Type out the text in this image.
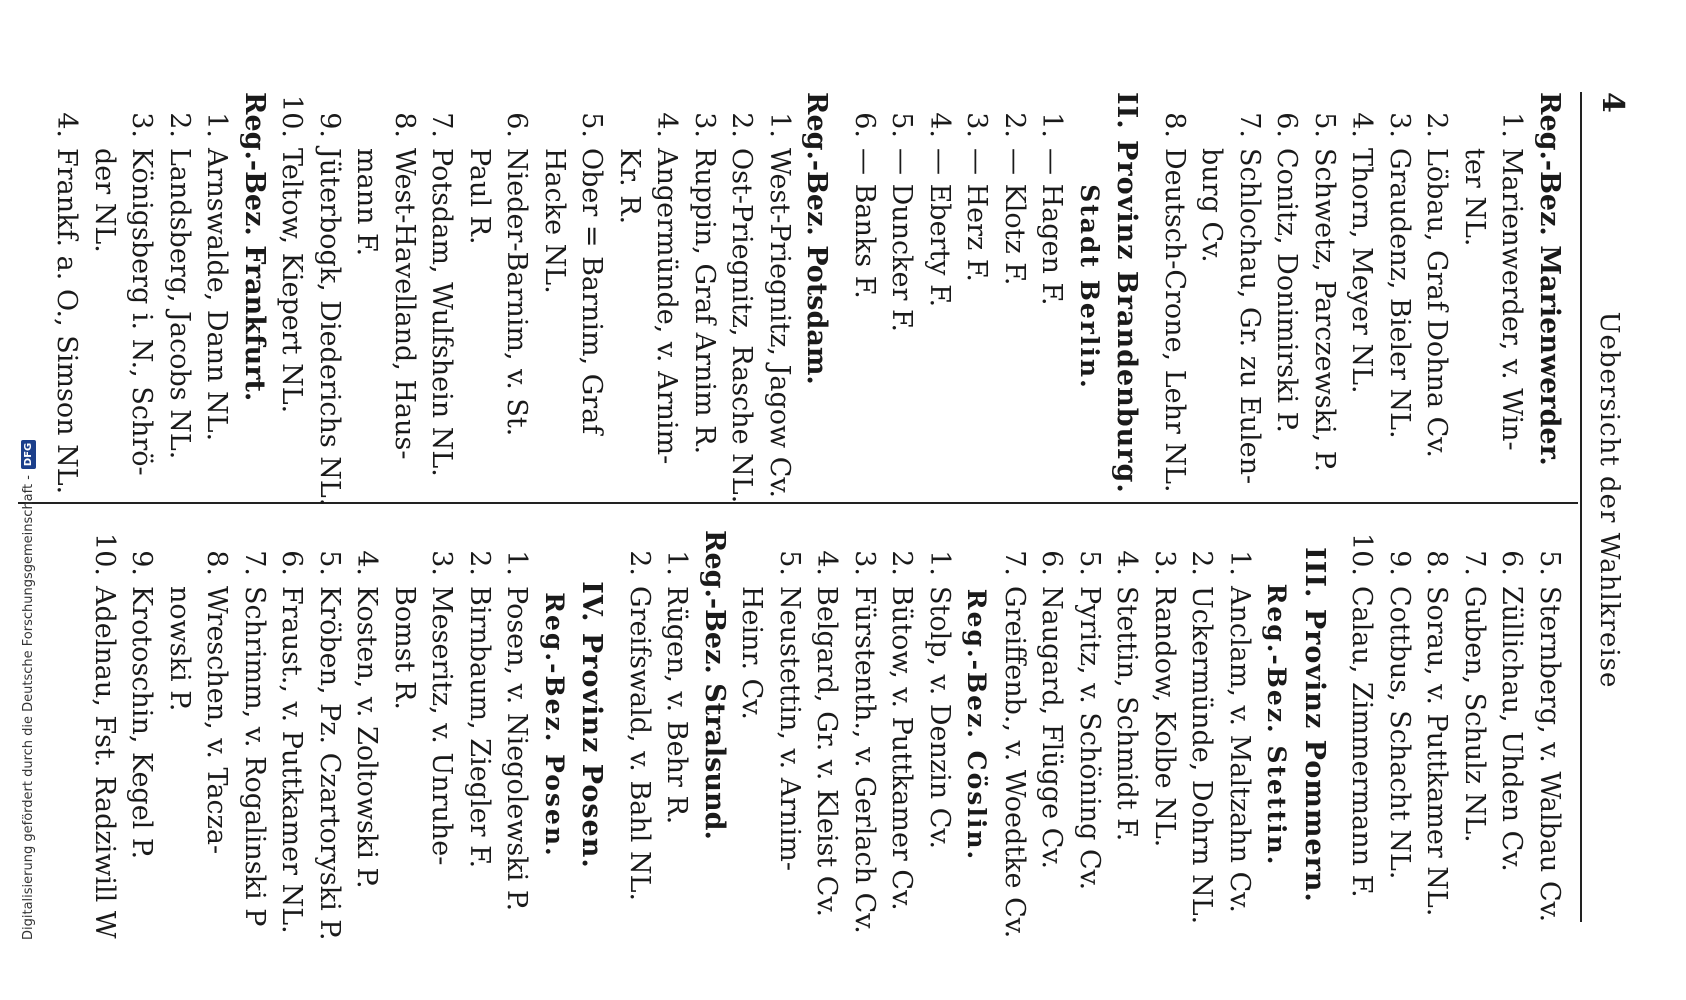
4
Uebersicht der Wahlkreise
Reg.-Bez. Marienwerder.
1.
Marienwerder, v. Win-
ter NL.
2.
Löbau, Graf Dohna Cv.
3.
Graudenz, Bieler NL.
4.
Thorn, Meyer NL.
5.
Schwetz, Parczewski, P.
6.
Conitz, Donimirski P.
7.
Schlochau, Gr. zu Eulen-
burg Cv.
8.
Deutsch-Crone, Lehr NL.
II. Provinz Brandenburg.
Stadt Berlin.
1.
— Hagen F.
2.
— Klotz F.
3.
— Herz F.
4.
— Eberty F.
5.
— Duncker F.
6.
— Banks F.
Reg.-Bez. Potsdam.
1.
West-Priegnitz, Jagow Cv.
2.
Ost-Priegnitz, Rasche NL.
3.
Ruppin, Graf Arnim R.
4.
Angermünde, v. Arnim-
Kr. R.
5.
Ober = Barnim, Graf
Hacke NL.
6.
Nieder-Barnim, v. St.
Paul R.
7.
Potsdam, Wulfshein NL.
8.
West-Havelland, Haus-
mann F.
9.
Jüterbogk, Diederichs NL.
10.
Teltow, Kiepert NL.
Reg.-Bez. Frankfurt.
1.
Arnswalde, Dann NL.
2.
Landsberg, Jacobs NL.
3.
Königsberg i. N., Schrö-
der NL.
4.
Frankf. a. O., Simson NL.
5.
Sternberg, v. Walbau Cv.
6.
Züllichau, Uhden Cv.
7.
Guben, Schulz NL.
8.
Sorau, v. Puttkamer NL.
9.
Cottbus, Schacht NL.
10.
Calau, Zimmermann F.
III. Provinz Pommern.
Reg.-Bez. Stettin.
1.
Anclam, v. Maltzahn Cv.
2.
Uckermünde, Dohrn NL.
3.
Randow, Kolbe NL.
4.
Stettin, Schmidt F.
5.
Pyritz, v. Schöning Cv.
6.
Naugard, Flügge Cv.
7.
Greiffenb., v. Woedtke Cv.
Reg.-Bez. Cöslin.
1.
Stolp, v. Denzin Cv.
2.
Bütow, v. Puttkamer Cv.
3.
Fürstenth., v. Gerlach Cv.
4.
Belgard, Gr. v. Kleist Cv.
5.
Neustettin, v. Arnim-
Heinr. Cv.
Reg.-Bez. Stralsund.
1.
Rügen, v. Behr R.
2.
Greifswald, v. Bahl NL.
IV. Provinz Posen.
Reg.-Bez. Posen.
1.
Posen, v. Niegolewski P.
2.
Birnbaum, Ziegler F.
3.
Meseritz, v. Unruhe-
Bomst R.
4.
Kosten, v. Zoltowski P.
5.
Kröben, Pz. Czartoryski P.
6.
Fraust., v. Puttkamer NL.
7.
Schrimm, v. Rogalinski P
8.
Wreschen, v. Taczа-
nowski P.
9.
Krotoschin, Kegel P.
10.
Adelnau, Fst. Radziwill W
Digitalisierung gefördert durch die Deutsche Forschungsgemeinschaft -
DFG
